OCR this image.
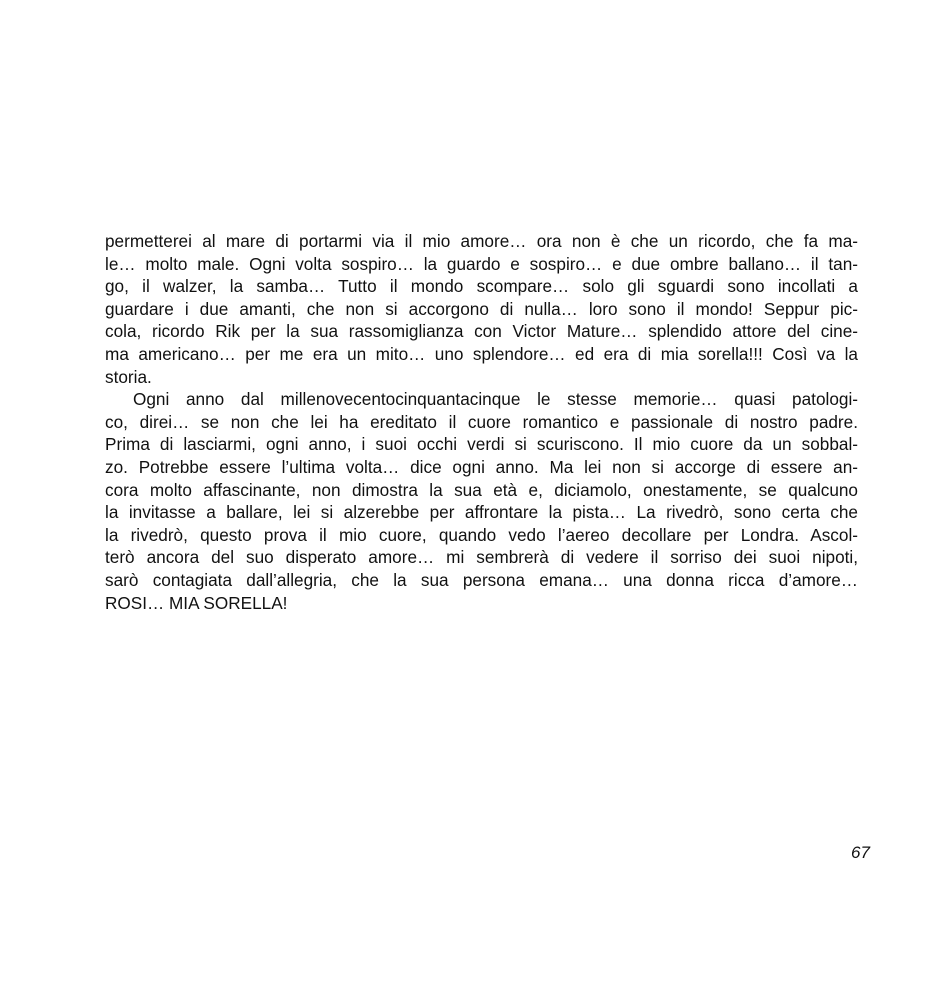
permetterei al mare di portarmi via il mio amore… ora non è che un ricordo, che fa ma-
le… molto male. Ogni volta sospiro… la guardo e sospiro… e due ombre ballano… il tan-
go, il walzer, la samba… Tutto il mondo scompare… solo gli sguardi sono incollati a
guardare i due amanti, che non si accorgono di nulla… loro sono il mondo! Seppur pic-
cola, ricordo Rik per la sua rassomiglianza con Victor Mature… splendido attore del cine-
ma americano… per me era un mito… uno splendore… ed era di mia sorella!!! Così va la
storia.
Ogni anno dal millenovecentocinquantacinque le stesse memorie… quasi patologi-
co, direi… se non che lei ha ereditato il cuore romantico e passionale di nostro padre.
Prima di lasciarmi, ogni anno, i suoi occhi verdi si scuriscono. Il mio cuore da un sobbal-
zo. Potrebbe essere l’ultima volta… dice ogni anno. Ma lei non si accorge di essere an-
cora molto affascinante, non dimostra la sua età e, diciamolo, onestamente, se qualcuno
la invitasse a ballare, lei si alzerebbe per affrontare la pista… La rivedrò, sono certa che
la rivedrò, questo prova il mio cuore, quando vedo l’aereo decollare per Londra. Ascol-
terò ancora del suo disperato amore… mi sembrerà di vedere il sorriso dei suoi nipoti,
sarò contagiata dall’allegria, che la sua persona emana… una donna ricca d’amore…
ROSI… MIA SORELLA!
67
